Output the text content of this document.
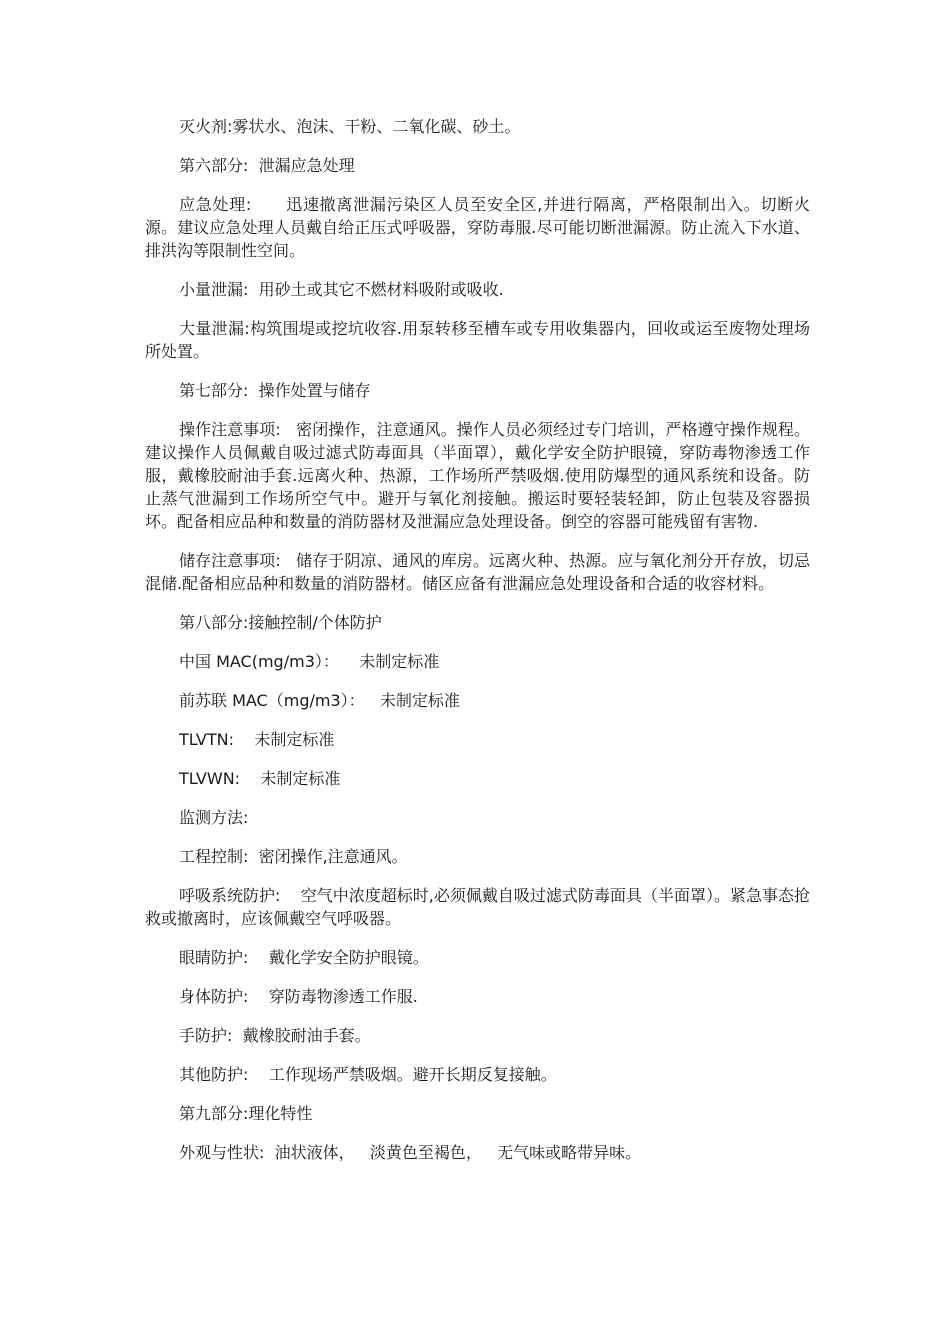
灭火剂:雾状水、泡沫、干粉、二氧化碳、砂土。

第六部分:  泄漏应急处理

应急处理:      迅速撤离泄漏污染区人员至安全区,并进行隔离，严格限制出入。切断火源。建议应急处理人员戴自给正压式呼吸器，穿防毒服.尽可能切断泄漏源。防止流入下水道、排洪沟等限制性空间。

小量泄漏:  用砂土或其它不燃材料吸附或吸收.

大量泄漏:构筑围堤或挖坑收容.用泵转移至槽车或专用收集器内，回收或运至废物处理场所处置。

第七部分:  操作处置与储存

操作注意事项:   密闭操作，注意通风。操作人员必须经过专门培训，严格遵守操作规程。建议操作人员佩戴自吸过滤式防毒面具（半面罩），戴化学安全防护眼镜，穿防毒物渗透工作服，戴橡胶耐油手套.远离火种、热源，工作场所严禁吸烟.使用防爆型的通风系统和设备。防止蒸气泄漏到工作场所空气中。避开与氧化剂接触。搬运时要轻装轻卸，防止包装及容器损坏。配备相应品种和数量的消防器材及泄漏应急处理设备。倒空的容器可能残留有害物.

储存注意事项:   储存于阴凉、通风的库房。远离火种、热源。应与氧化剂分开存放，切忌混储.配备相应品种和数量的消防器材。储区应备有泄漏应急处理设备和合适的收容材料。

第八部分:接触控制/个体防护

中国 MAC(mg/m3）：    未制定标准

前苏联 MAC（mg/m3）：   未制定标准

TLVTN:    未制定标准

TLVWN:    未制定标准

监测方法:

工程控制:  密闭操作,注意通风。

呼吸系统防护:    空气中浓度超标时,必须佩戴自吸过滤式防毒面具（半面罩）。紧急事态抢救或撤离时，应该佩戴空气呼吸器。

眼睛防护:    戴化学安全防护眼镜。

身体防护:    穿防毒物渗透工作服.

手防护:  戴橡胶耐油手套。

其他防护:    工作现场严禁吸烟。避开长期反复接触。

第九部分:理化特性

外观与性状:  油状液体，   淡黄色至褐色，   无气味或略带异味。
